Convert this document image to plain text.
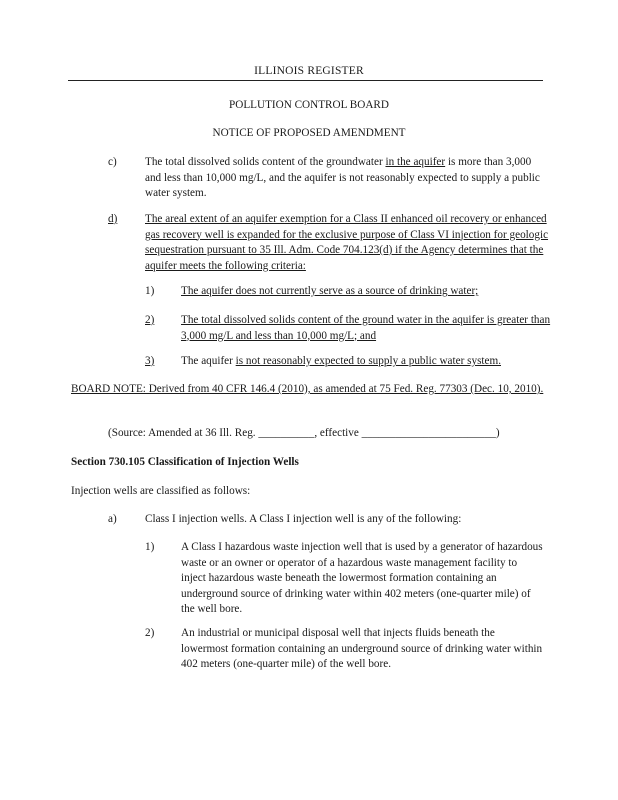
ILLINOIS REGISTER
POLLUTION CONTROL BOARD
NOTICE OF PROPOSED AMENDMENT
c)	The total dissolved solids content of the groundwater in the aquifer is more than 3,000 and less than 10,000 mg/L, and the aquifer is not reasonably expected to supply a public water system.

d) The areal extent of an aquifer exemption for a Class II enhanced oil recovery or enhanced gas recovery well is expanded for the exclusive purpose of Class VI injection for geologic sequestration pursuant to 35 Ill. Adm. Code 704.123(d) if the Agency determines that the aquifer meets the following criteria:

1) The aquifer does not currently serve as a source of drinking water;

2) The total dissolved solids content of the ground water in the aquifer is greater than 3,000 mg/L and less than 10,000 mg/L; and

3) The aquifer is not reasonably expected to supply a public water system.

BOARD NOTE: Derived from 40 CFR 146.4 (2010), as amended at 75 Fed. Reg. 77303 (Dec. 10, 2010).

(Source: Amended at 36 Ill. Reg. __________, effective ________________________)

Section 730.105 Classification of Injection Wells
Injection wells are classified as follows:
a)	Class I injection wells. A Class I injection well is any of the following:

1) A Class I hazardous waste injection well that is used by a generator of hazardous waste or an owner or operator of a hazardous waste management facility to inject hazardous waste beneath the lowermost formation containing an underground source of drinking water within 402 meters (one-quarter mile) of the well bore.

2) An industrial or municipal disposal well that injects fluids beneath the lowermost formation containing an underground source of drinking water within 402 meters (one-quarter mile) of the well bore.
